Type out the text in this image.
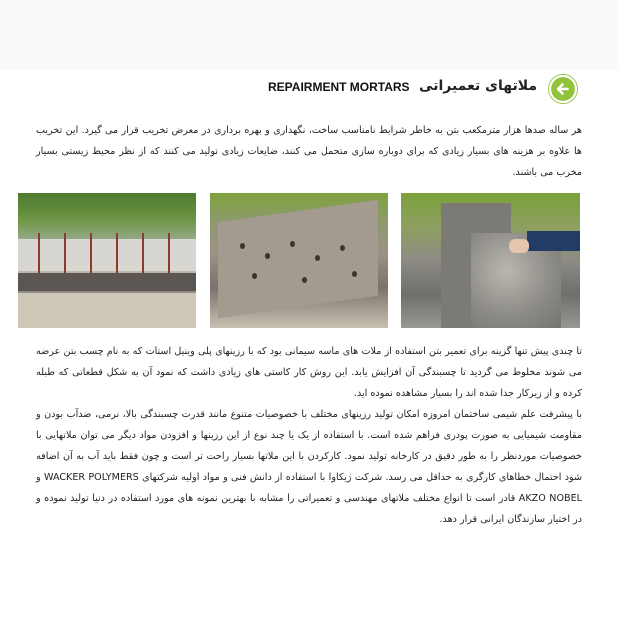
ملاتهای تعمیراتی
REPAIRMENT MORTARS
هر ساله صدها هزار مترمکعب بتن به خاطر شرایط نامناسب ساخت، نگهداری و بهره برداری در معرض تخریب قرار می گیرد. این تخریب ها علاوه بر هزینه های بسیار زیادی که برای دوباره سازی متحمل می کنند، ضایعات زیادی تولید می کنند که از نظر محیط زیستی بسیار مخرب می باشند.
تا چندی پیش تنها گزینه برای تعمیر بتن استفاده از ملات های ماسه سیمانی بود که با رزینهای پلی وینیل استات که به نام چسب بتن عرضه می شوند مخلوط می گردید تا چسبندگی آن افزایش یابد. این روش کار کاستی های زیادی داشت که نمود آن به شکل قطعاتی که طبله کرده و از زیرکار جدا شده اند را بسیار مشاهده نموده اید.
با پیشرفت علم شیمی ساختمان امروزه امکان تولید رزینهای مختلف با خصوصیات متنوع مانند قدرت چسبندگی بالا، نرمی، ضدآب بودن و مقاومت شیمیایی به صورت پودری فراهم شده است. با استفاده از یک یا چند نوع از این رزینها و افزودن مواد دیگر می توان ملاتهایی با خصوصیات موردنظر را به طور دقیق در کارخانه تولید نمود. کارکردن با این ملاتها بسیار راحت تر است و چون فقط باید آب به آن اضافه شود احتمال خطاهای کارگری به حداقل می رسد. شرکت ژیکاوا با استفاده از دانش فنی و مواد اولیه شرکتهای WACKER POLYMERS و AKZO NOBEL قادر است تا انواع مختلف ملاتهای مهندسی و تعمیراتی را مشابه با بهترین نمونه های مورد استفاده در دنیا تولید نموده و در اختیار سازندگان ایرانی قرار دهد.
